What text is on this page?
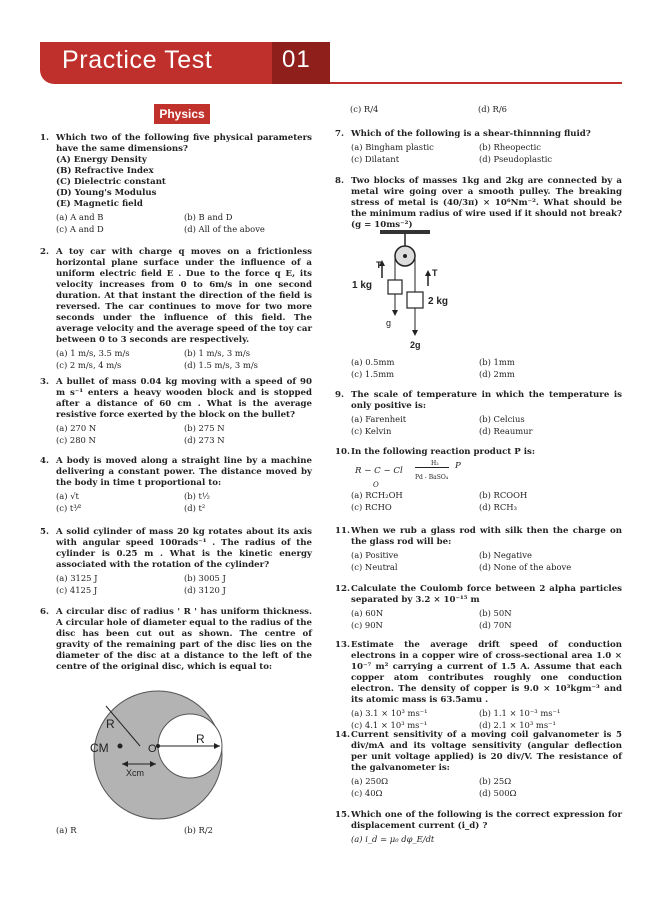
Practice Test	01
Physics
1. Which two of the following five physical parameters have the same dimensions?
(A) Energy Density
(B) Refractive Index
(C) Dielectric constant
(D) Young's Modulus
(E) Magnetic field
(a) A and B	(b) B and D
(c) A and D	(d) All of the above
2. A toy car with charge q moves on a frictionless horizontal plane surface under the influence of a uniform electric field E . Due to the force q E, its velocity increases from 0 to 6m/s in one second duration. At that instant the direction of the field is reversed. The car continues to move for two more seconds under the influence of this field. The average velocity and the average speed of the toy car between 0 to 3 seconds are respectively.
(a) 1 m/s, 3.5 m/s	(b) 1 m/s, 3 m/s
(c) 2 m/s, 4 m/s	(d) 1.5 m/s, 3 m/s
3. A bullet of mass 0.04 kg moving with a speed of 90 m s⁻¹ enters a heavy wooden block and is stopped after a distance of 60 cm . What is the average resistive force exerted by the block on the bullet?
(a) 270 N	(b) 275 N
(c) 280 N	(d) 273 N
4. A body is moved along a straight line by a machine delivering a constant power. The distance moved by the body in time t proportional to:
(a) √t	(b) t½
(c) t³⁄²	(d) t²
5. A solid cylinder of mass 20 kg rotates about its axis with angular speed 100rads⁻¹ . The radius of the cylinder is 0.25 m . What is the kinetic energy associated with the rotation of the cylinder?
(a) 3125 J	(b) 3005 J
(c) 4125 J	(d) 3120 J
6. A circular disc of radius ' R ' has uniform thickness. A circular hole of diameter equal to the radius of the disc has been cut out as shown. The centre of gravity of the remaining part of the disc lies on the diameter of the disc at a distance to the left of the centre of the original disc, which is equal to:
R
R
CM	O
Xcm
(a) R	(b) R/2
(c) R/4	(d) R/6
7. Which of the following is a shear-thinnning fluid?
(a) Bingham plastic	(b) Rheopectic
(c) Dilatant	(d) Pseudoplastic
8. Two blocks of masses 1kg and 2kg are connected by a metal wire going over a smooth pulley. The breaking stress of metal is (40/3π) × 10⁶Nm⁻². What should be the minimum radius of wire used if it should not break? (g = 10ms⁻²)
T
T
1 kg
2 kg
g
2g
(a) 0.5mm	(b) 1mm
(c) 1.5mm	(d) 2mm
9. The scale of temperature in which the temperature is only positive is:
(a) Farenheit	(b) Celcius
(c) Kelvin	(d) Reaumur
10. In the following reaction product P is:
R − C − Cl
O
H₂
Pd - BaSO₄
P
(a) RCH₂OH	(b) RCOOH
(c) RCHO	(d) RCH₃
11. When we rub a glass rod with silk then the charge on the glass rod will be:
(a) Positive	(b) Negative
(c) Neutral	(d) None of the above
12. Calculate the Coulomb force between 2 alpha particles separated by 3.2 × 10⁻¹⁵ m
(a) 60N	(b) 50N
(c) 90N	(d) 70N
13. Estimate the average drift speed of conduction electrons in a copper wire of cross-sectional area 1.0 × 10⁻⁷ m² carrying a current of 1.5 A. Assume that each copper atom contributes roughly one conduction electron. The density of copper is 9.0 × 10³kgm⁻³ and its atomic mass is 63.5amu .
(a) 3.1 × 10³ ms⁻¹	(b) 1.1 × 10⁻³ ms⁻¹
(c) 4.1 × 10³ ms⁻¹	(d) 2.1 × 10³ ms⁻¹
14. Current sensitivity of a moving coil galvanometer is 5 div/mA and its voltage sensitivity (angular deflection per unit voltage applied) is 20 div/V. The resistance of the galvanometer is:
(a) 250Ω	(b) 25Ω
(c) 40Ω	(d) 500Ω
15. Which one of the following is the correct expression for displacement current (i_d) ?
(a) i_d = μ₀ dφ_E/dt
